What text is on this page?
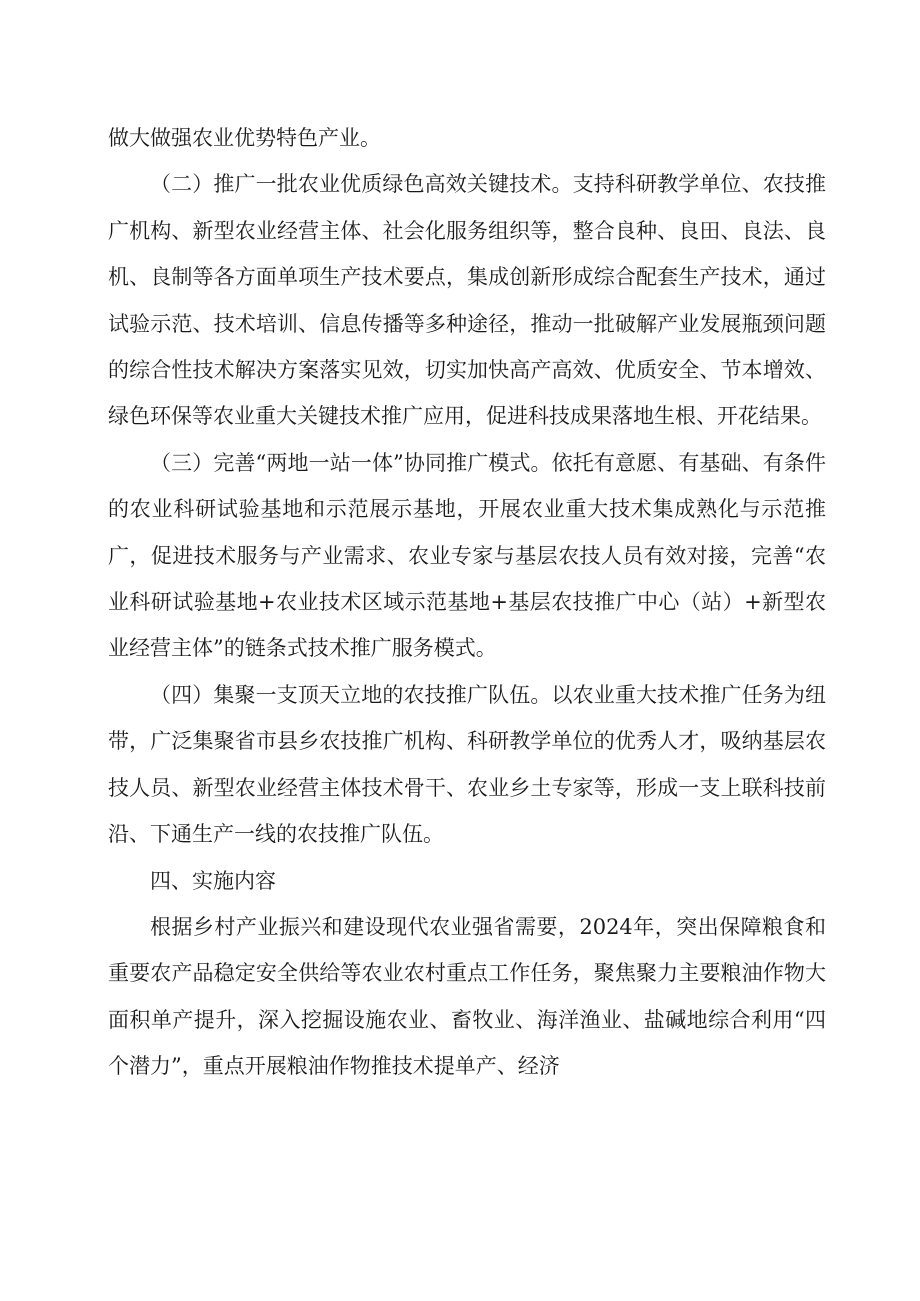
做大做强农业优势特色产业。

（二）推广一批农业优质绿色高效关键技术。支持科研教学单位、农技推广机构、新型农业经营主体、社会化服务组织等，整合良种、良田、良法、良机、良制等各方面单项生产技术要点，集成创新形成综合配套生产技术，通过试验示范、技术培训、信息传播等多种途径，推动一批破解产业发展瓶颈问题的综合性技术解决方案落实见效，切实加快高产高效、优质安全、节本增效、绿色环保等农业重大关键技术推广应用，促进科技成果落地生根、开花结果。

（三）完善“两地一站一体”协同推广模式。依托有意愿、有基础、有条件的农业科研试验基地和示范展示基地，开展农业重大技术集成熟化与示范推广，促进技术服务与产业需求、农业专家与基层农技人员有效对接，完善“农业科研试验基地+农业技术区域示范基地+基层农技推广中心（站）+新型农业经营主体”的链条式技术推广服务模式。

（四）集聚一支顶天立地的农技推广队伍。以农业重大技术推广任务为纽带，广泛集聚省市县乡农技推广机构、科研教学单位的优秀人才，吸纳基层农技人员、新型农业经营主体技术骨干、农业乡土专家等，形成一支上联科技前沿、下通生产一线的农技推广队伍。

四、实施内容

根据乡村产业振兴和建设现代农业强省需要，2024年，突出保障粮食和重要农产品稳定安全供给等农业农村重点工作任务，聚焦聚力主要粮油作物大面积单产提升，深入挖掘设施农业、畜牧业、海洋渔业、盐碱地综合利用“四个潜力”，重点开展粮油作物推技术提单产、经济
